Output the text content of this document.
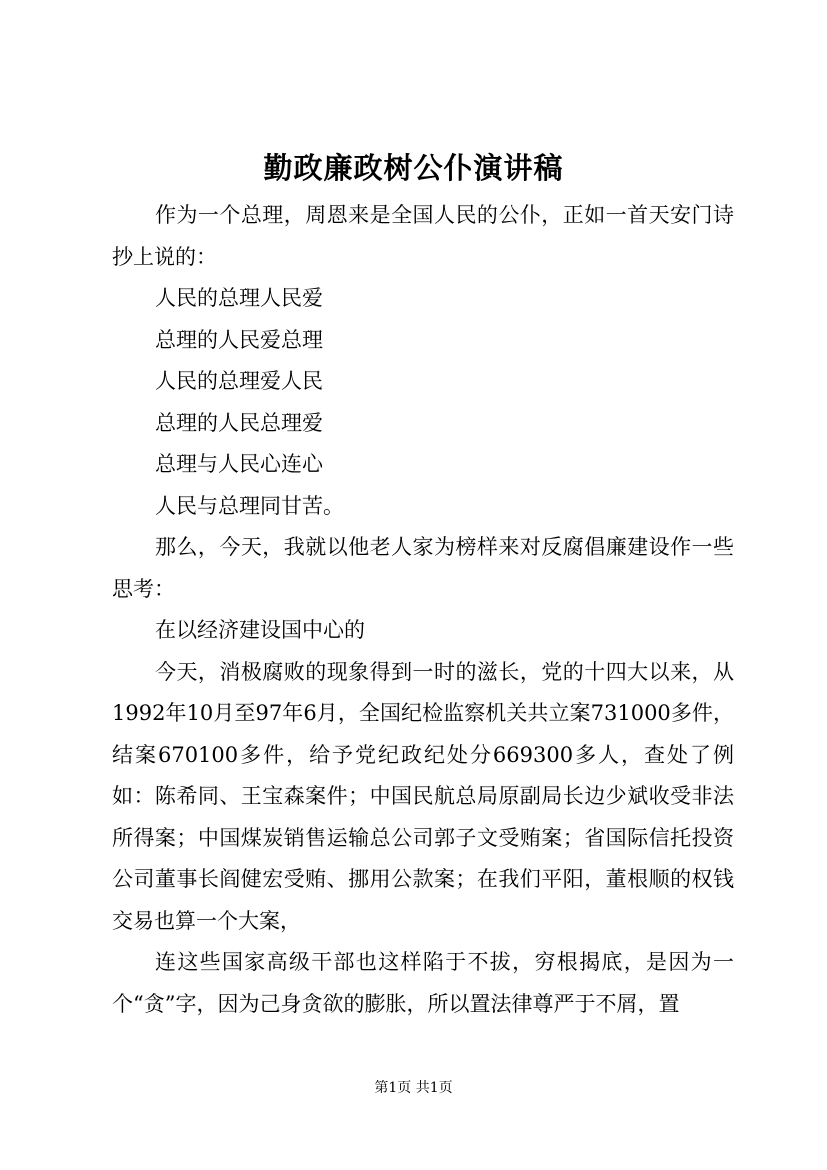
勤政廉政树公仆演讲稿

作为一个总理，周恩来是全国人民的公仆，正如一首天安门诗抄上说的：

人民的总理人民爱

总理的人民爱总理

人民的总理爱人民

总理的人民总理爱

总理与人民心连心

人民与总理同甘苦。

那么，今天，我就以他老人家为榜样来对反腐倡廉建设作一些思考：

在以经济建设国中心的

今天，消极腐败的现象得到一时的滋长，党的十四大以来，从1992年10月至97年6月，全国纪检监察机关共立案731000多件，结案670100多件，给予党纪政纪处分669300多人，查处了例如：陈希同、王宝森案件；中国民航总局原副局长边少斌收受非法所得案；中国煤炭销售运输总公司郭子文受贿案；省国际信托投资公司董事长阎健宏受贿、挪用公款案；在我们平阳，董根顺的权钱交易也算一个大案，

连这些国家高级干部也这样陷于不拔，穷根揭底，是因为一个“贪”字，因为己身贪欲的膨胀，所以置法律尊严于不屑，置

第1页 共1页
